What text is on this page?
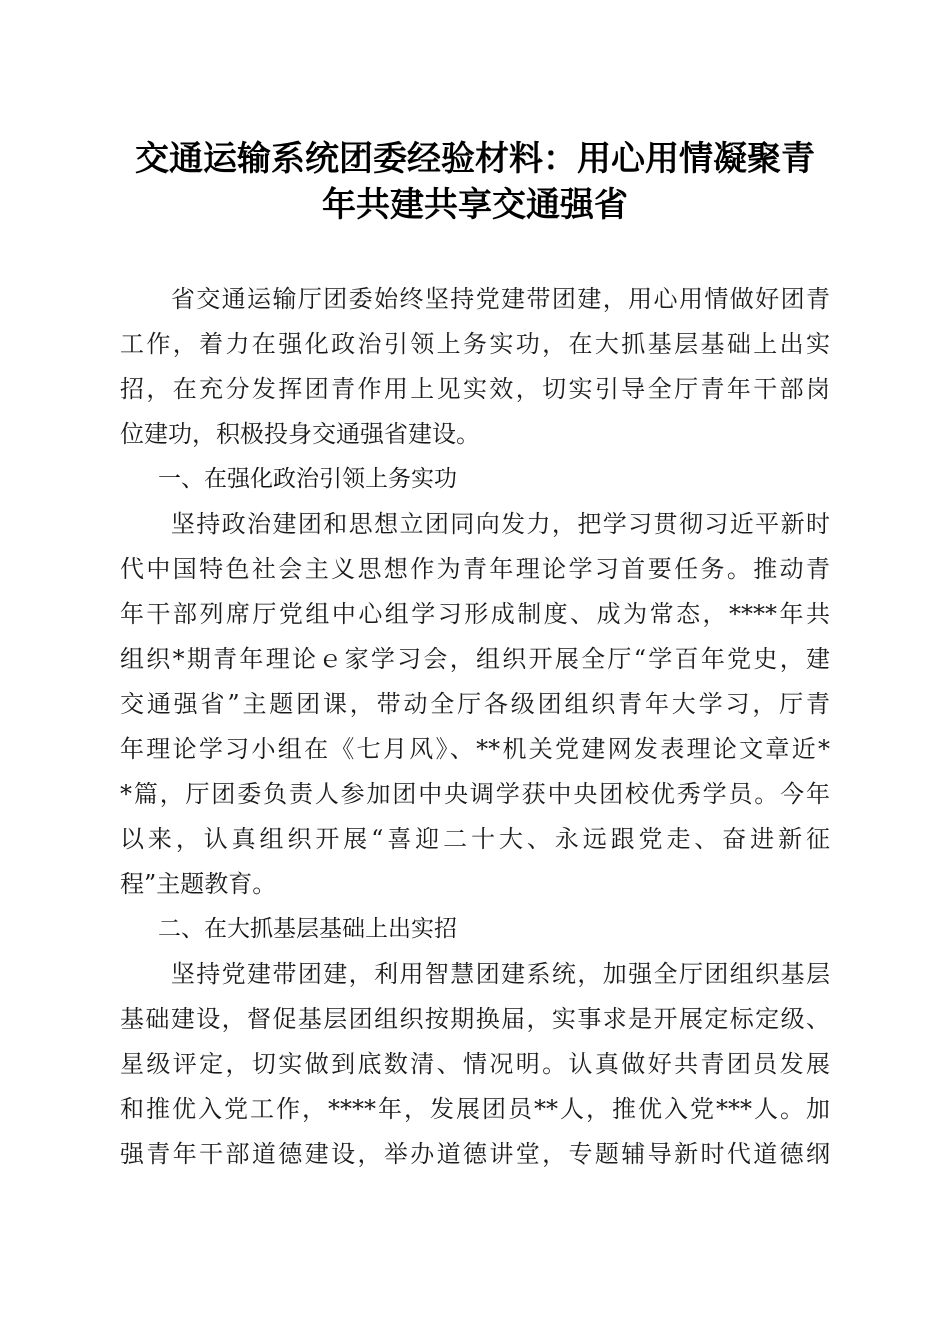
交通运输系统团委经验材料：用心用情凝聚青
年共建共享交通强省
　　省交通运输厅团委始终坚持党建带团建，用心用情做好团青
工作，着力在强化政治引领上务实功，在大抓基层基础上出实
招，在充分发挥团青作用上见实效，切实引导全厅青年干部岗
位建功，积极投身交通强省建设。
一、在强化政治引领上务实功
　　坚持政治建团和思想立团同向发力，把学习贯彻习近平新时
代中国特色社会主义思想作为青年理论学习首要任务。推动青
年干部列席厅党组中心组学习形成制度、成为常态，****年共
组织*期青年理论ｅ家学习会，组织开展全厅“学百年党史，建
交通强省”主题团课，带动全厅各级团组织青年大学习，厅青
年理论学习小组在《七月风》、**机关党建网发表理论文章近*
*篇，厅团委负责人参加团中央调学获中央团校优秀学员。今年
以来，认真组织开展“喜迎二十大、永远跟党走、奋进新征
程”主题教育。
二、在大抓基层基础上出实招
　　坚持党建带团建，利用智慧团建系统，加强全厅团组织基层
基础建设，督促基层团组织按期换届，实事求是开展定标定级、
星级评定，切实做到底数清、情况明。认真做好共青团员发展
和推优入党工作，****年，发展团员**人，推优入党***人。加
强青年干部道德建设，举办道德讲堂，专题辅导新时代道德纲
